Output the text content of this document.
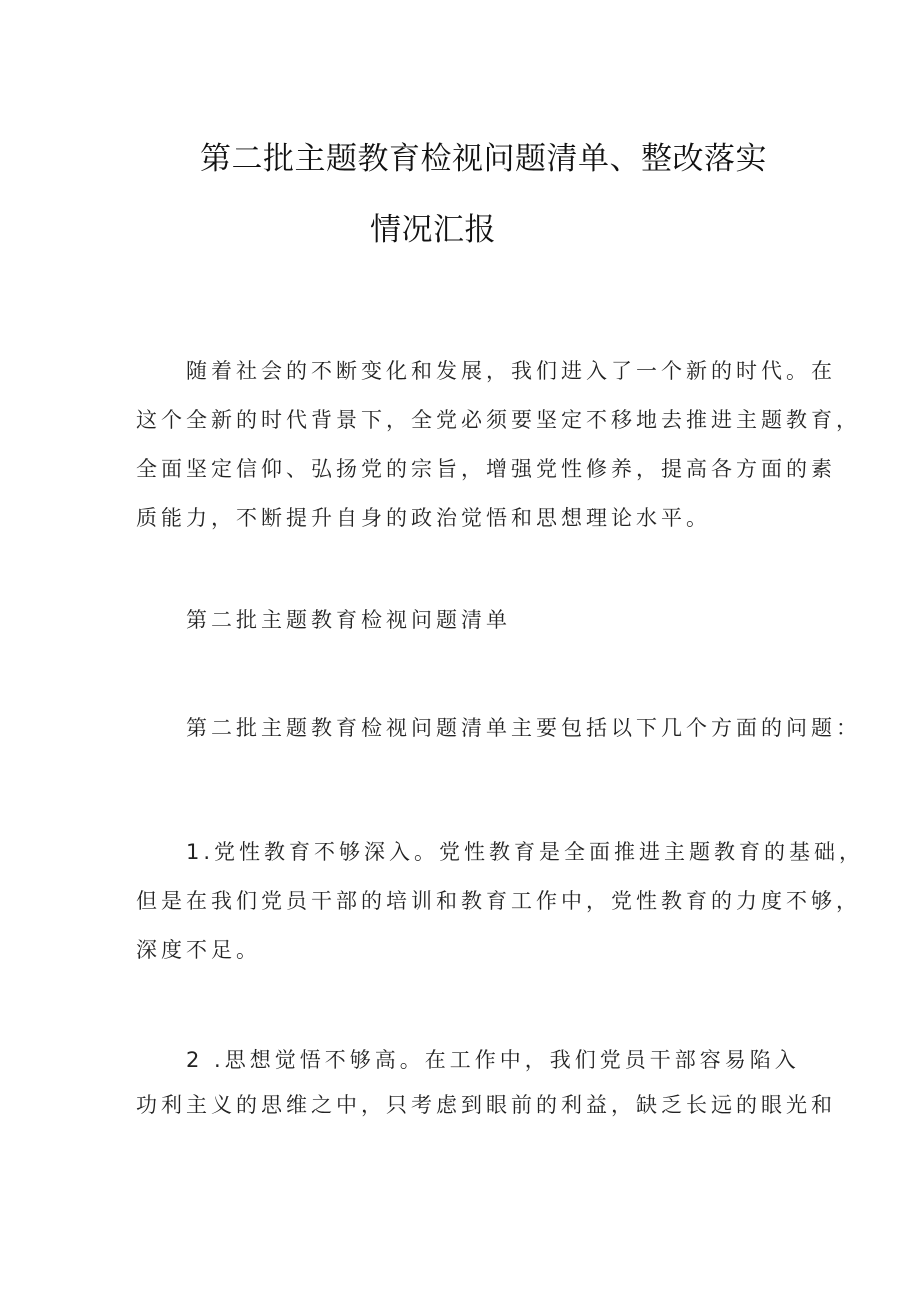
第二批主题教育检视问题清单、整改落实
情况汇报
随着社会的不断变化和发展，我们进入了一个新的时代。在
这个全新的时代背景下，全党必须要坚定不移地去推进主题教育，
全面坚定信仰、弘扬党的宗旨，增强党性修养，提高各方面的素
质能力，不断提升自身的政治觉悟和思想理论水平。
第二批主题教育检视问题清单
第二批主题教育检视问题清单主要包括以下几个方面的问题：
1.党性教育不够深入。党性教育是全面推进主题教育的基础，
但是在我们党员干部的培训和教育工作中，党性教育的力度不够，
深度不足。
2 .思想觉悟不够高。在工作中，我们党员干部容易陷入
功利主义的思维之中，只考虑到眼前的利益，缺乏长远的眼光和
